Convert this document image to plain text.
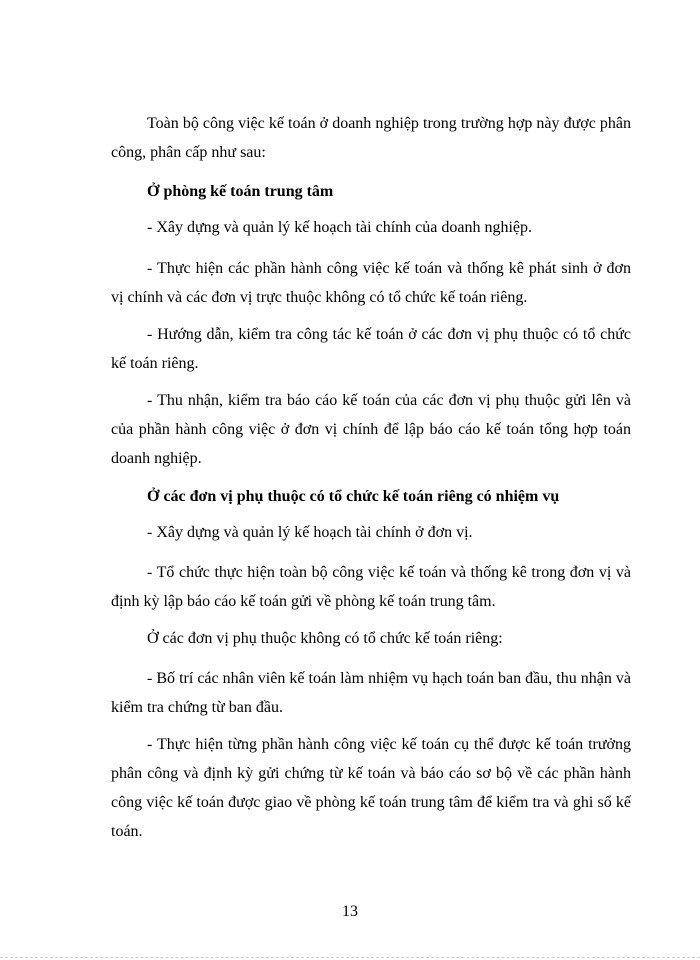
Toàn bộ công việc kế toán ở doanh nghiệp trong trường hợp này được phân công, phân cấp như sau:

Ở phòng kế toán trung tâm

- Xây dựng và quản lý kế hoạch tài chính của doanh nghiệp.

- Thực hiện các phần hành công việc kế toán và thống kê phát sinh ở đơn vị chính và các đơn vị trực thuộc không có tổ chức kế toán riêng.

- Hướng dẫn, kiểm tra công tác kế toán ở các đơn vị phụ thuộc có tổ chức kế toán riêng.

- Thu nhận, kiểm tra báo cáo kế toán của các đơn vị phụ thuộc gửi lên và của phần hành công việc ở đơn vị chính để lập báo cáo kế toán tổng hợp toán doanh nghiệp.

Ở các đơn vị phụ thuộc có tổ chức kế toán riêng có nhiệm vụ

- Xây dựng và quản lý kế hoạch tài chính ở đơn vị.

- Tổ chức thực hiện toàn bộ công việc kế toán và thống kê trong đơn vị và định kỳ lập báo cáo kế toán gửi về phòng kế toán trung tâm.

Ở các đơn vị phụ thuộc không có tổ chức kế toán riêng:

- Bố trí các nhân viên kế toán làm nhiệm vụ hạch toán ban đầu, thu nhận và kiểm tra chứng từ ban đầu.

- Thực hiện từng phần hành công việc kế toán cụ thể được kế toán trưởng phân công và định kỳ gửi chứng từ kế toán và báo cáo sơ bộ về các phần hành công việc kế toán được giao về phòng kế toán trung tâm để kiểm tra và ghi sổ kế toán.

13
